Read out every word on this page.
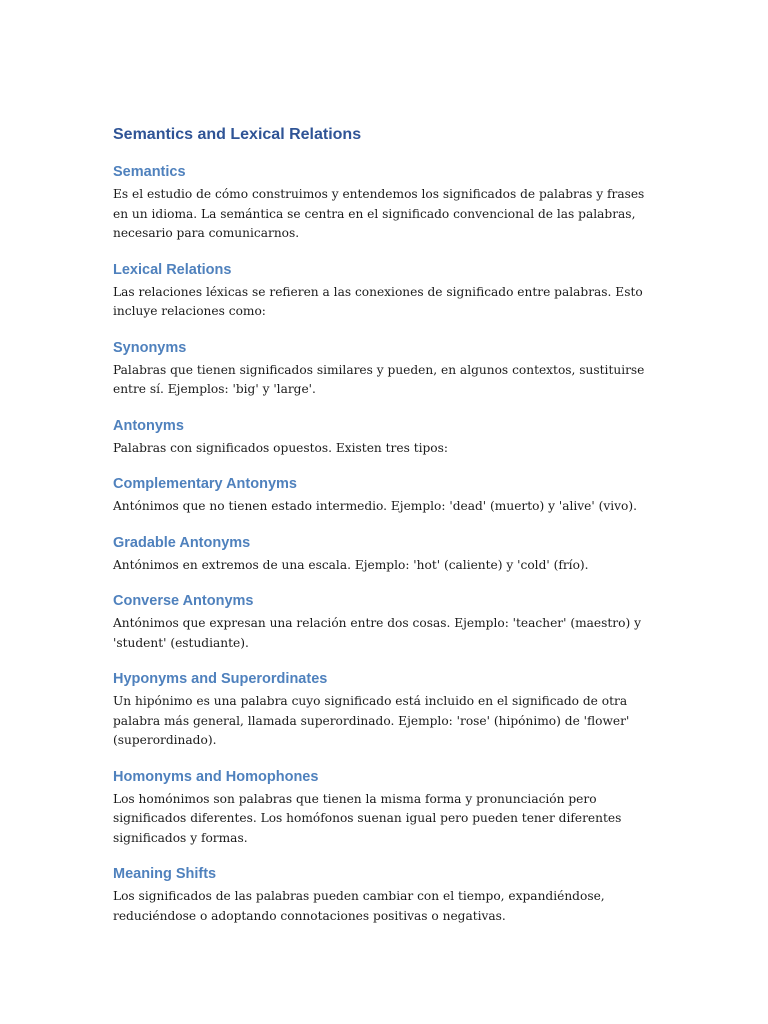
Semantics and Lexical Relations
Semantics

Es el estudio de cómo construimos y entendemos los significados de palabras y frases en un idioma. La semántica se centra en el significado convencional de las palabras, necesario para comunicarnos.

Lexical Relations

Las relaciones léxicas se refieren a las conexiones de significado entre palabras. Esto incluye relaciones como:

Synonyms

Palabras que tienen significados similares y pueden, en algunos contextos, sustituirse entre sí. Ejemplos: 'big' y 'large'.

Antonyms

Palabras con significados opuestos. Existen tres tipos:

Complementary Antonyms

Antónimos que no tienen estado intermedio. Ejemplo: 'dead' (muerto) y 'alive' (vivo).

Gradable Antonyms

Antónimos en extremos de una escala. Ejemplo: 'hot' (caliente) y 'cold' (frío).

Converse Antonyms

Antónimos que expresan una relación entre dos cosas. Ejemplo: 'teacher' (maestro) y 'student' (estudiante).

Hyponyms and Superordinates

Un hipónimo es una palabra cuyo significado está incluido en el significado de otra palabra más general, llamada superordinado. Ejemplo: 'rose' (hipónimo) de 'flower' (superordinado).

Homonyms and Homophones

Los homónimos son palabras que tienen la misma forma y pronunciación pero significados diferentes. Los homófonos suenan igual pero pueden tener diferentes significados y formas.

Meaning Shifts

Los significados de las palabras pueden cambiar con el tiempo, expandiéndose, reduciéndose o adoptando connotaciones positivas o negativas.
